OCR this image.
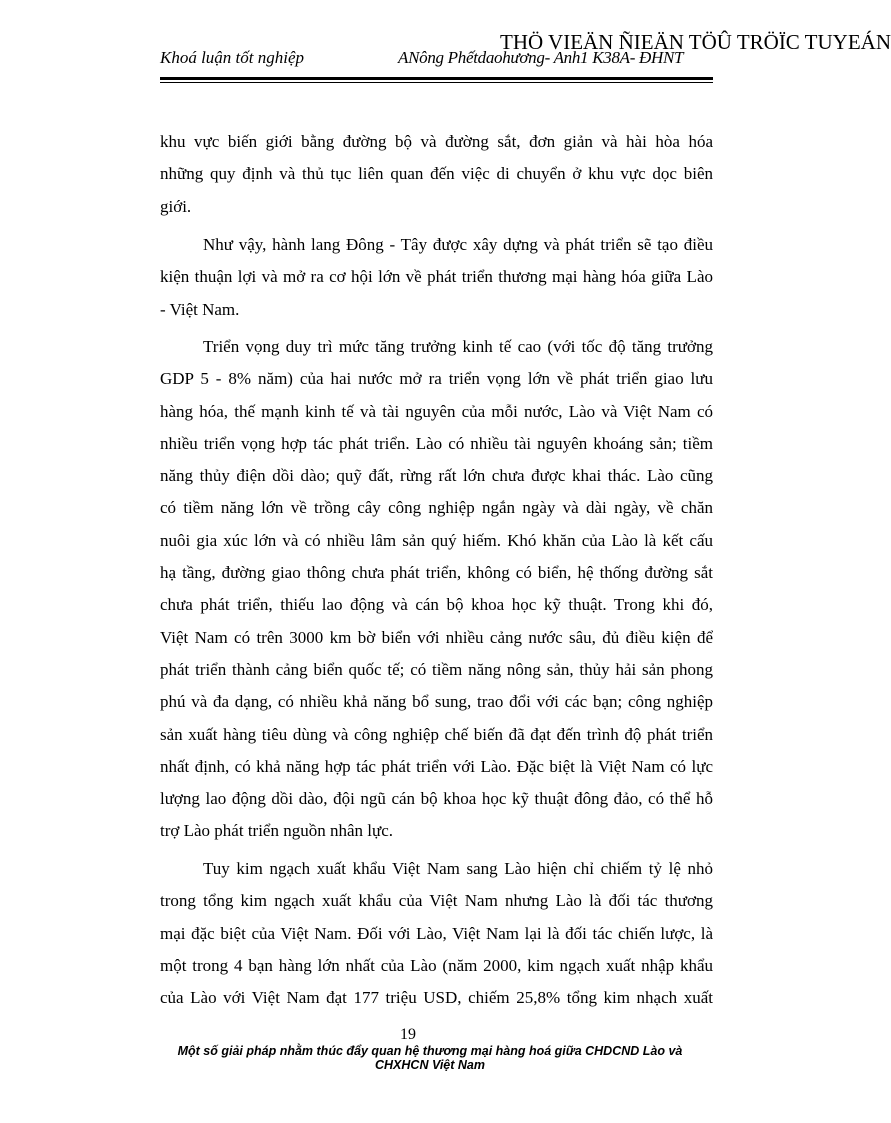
Khoá luận tốt nghiệp	ANông Phếtdaohương- Anh1 K38A- ĐHNT
THÖ VIEÄN ÑIEÄN TÖÛ TRÖÏC TUYEÁN
khu vực biến giới bằng đường bộ và đường sắt, đơn giản và hài hòa hóa
những quy định và thủ tục liên quan đến việc di chuyển ở khu vực dọc biên
giới.
Như vậy, hành lang Đông - Tây được xây dựng và phát triển sẽ tạo điều
kiện thuận lợi và mở ra cơ hội lớn về phát triển thương mại hàng hóa giữa Lào
- Việt Nam.
Triển vọng duy trì mức tăng trưởng kinh tế cao (với tốc độ tăng trưởng
GDP 5 - 8% năm) của hai nước mở ra triển vọng lớn về phát triển giao lưu
hàng hóa, thế mạnh kinh tế và tài nguyên của mỗi nước, Lào và Việt Nam có
nhiều triển vọng hợp tác phát triển. Lào có nhiều tài nguyên khoáng sản; tiềm
năng thủy điện dồi dào; quỹ đất, rừng rất lớn chưa được khai thác. Lào cũng
có tiềm năng lớn về trồng cây công nghiệp ngắn ngày và dài ngày, về chăn
nuôi gia xúc lớn và có nhiều lâm sản quý hiếm. Khó khăn của Lào là kết cấu
hạ tầng, đường giao thông chưa phát triển, không có biển, hệ thống đường sắt
chưa phát triển, thiếu lao động và cán bộ khoa học kỹ thuật. Trong khi đó,
Việt Nam có trên 3000 km bờ biển với nhiều cảng nước sâu, đủ điều kiện để
phát triển thành cảng biển quốc tế; có tiềm năng nông sản, thủy hải sản phong
phú và đa dạng, có nhiều khả năng bổ sung, trao đổi với các bạn; công nghiệp
sản xuất hàng tiêu dùng và công nghiệp chế biến đã đạt đến trình độ phát triển
nhất định, có khả năng hợp tác phát triển với Lào. Đặc biệt là Việt Nam có lực
lượng lao động dồi dào, đội ngũ cán bộ khoa học kỹ thuật đông đảo, có thể hỗ
trợ Lào phát triển nguồn nhân lực.
Tuy kim ngạch xuất khẩu Việt Nam sang Lào hiện chỉ chiếm tỷ lệ nhỏ
trong tổng kim ngạch xuất khẩu của Việt Nam nhưng Lào là đối tác thương
mại đặc biệt của Việt Nam. Đối với Lào, Việt Nam lại là đối tác chiến lược, là
một trong 4 bạn hàng lớn nhất của Lào (năm 2000, kim ngạch xuất nhập khẩu
của Lào với Việt Nam đạt 177 triệu USD, chiếm 25,8% tổng kim nhạch xuất
19
Một số giải pháp nhằm thúc đẩy quan hệ thương mại hàng hoá giữa CHDCND Lào và CHXHCN Việt Nam
